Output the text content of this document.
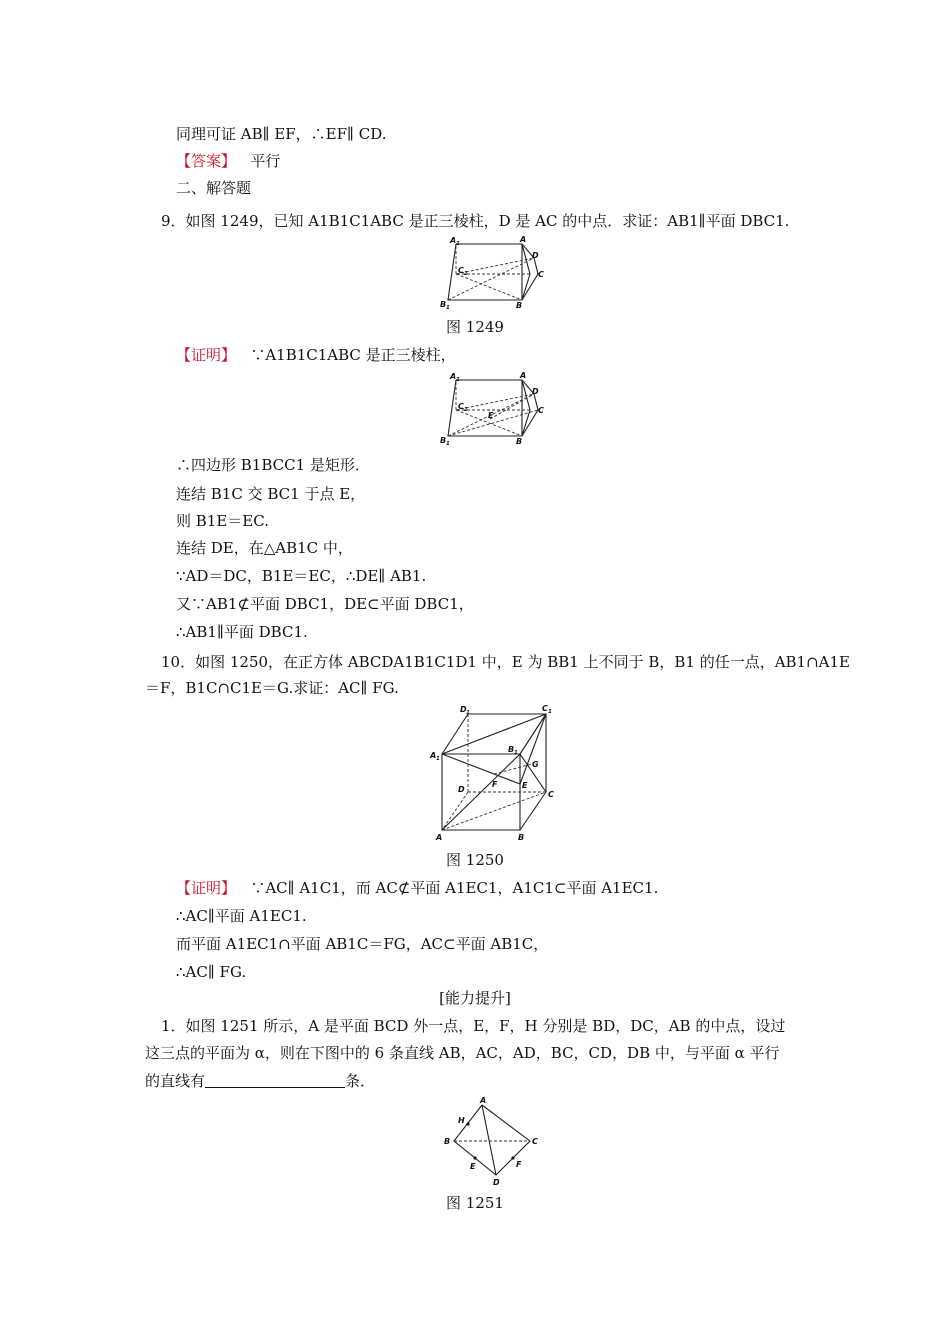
同理可证 AB∥ EF，∴EF∥ CD.
【答案】 平行
二、解答题
9．如图 1249，已知 A1B1C1ABC 是正三棱柱，D 是 AC 的中点．求证：AB1∥平面 DBC1.
A 1	A
D
C
C 1
B 1	B
图 1249
【证明】 ∵A1B1C1ABC 是正三棱柱，
A 1	A
D
C
C 1
E
B 1	B
∴四边形 B1BCC1 是矩形．
连结 B1C 交 BC1 于点 E，
则 B1E＝EC.
连结 DE，在△AB1C 中，
∵AD＝DC，B1E＝EC，∴DE∥ AB1.
又∵AB1⊄平面 DBC1，DE⊂平面 DBC1，
∴AB1∥平面 DBC1.
10．如图 1250，在正方体 ABCDA1B1C1D1 中，E 为 BB1 上不同于 B，B1 的任一点，AB1∩A1E
＝F，B1C∩C1E＝G.求证：AC∥ FG.
D 1	C 1
A 1
B 1
G
D
F	E
C
A	B
图 1250
【证明】 ∵AC∥ A1C1，而 AC⊄平面 A1EC1，A1C1⊂平面 A1EC1.
∴AC∥平面 A1EC1.
而平面 A1EC1∩平面 AB1C＝FG，AC⊂平面 AB1C，
∴AC∥ FG.
[能力提升]
1．如图 1251 所示，A 是平面 BCD 外一点，E，F，H 分别是 BD，DC，AB 的中点，设过
这三点的平面为 α，则在下图中的 6 条直线 AB，AC，AD，BC，CD，DB 中，与平面 α 平行
的直线有	条．
A
H
B	C
E	F
D
图 1251
